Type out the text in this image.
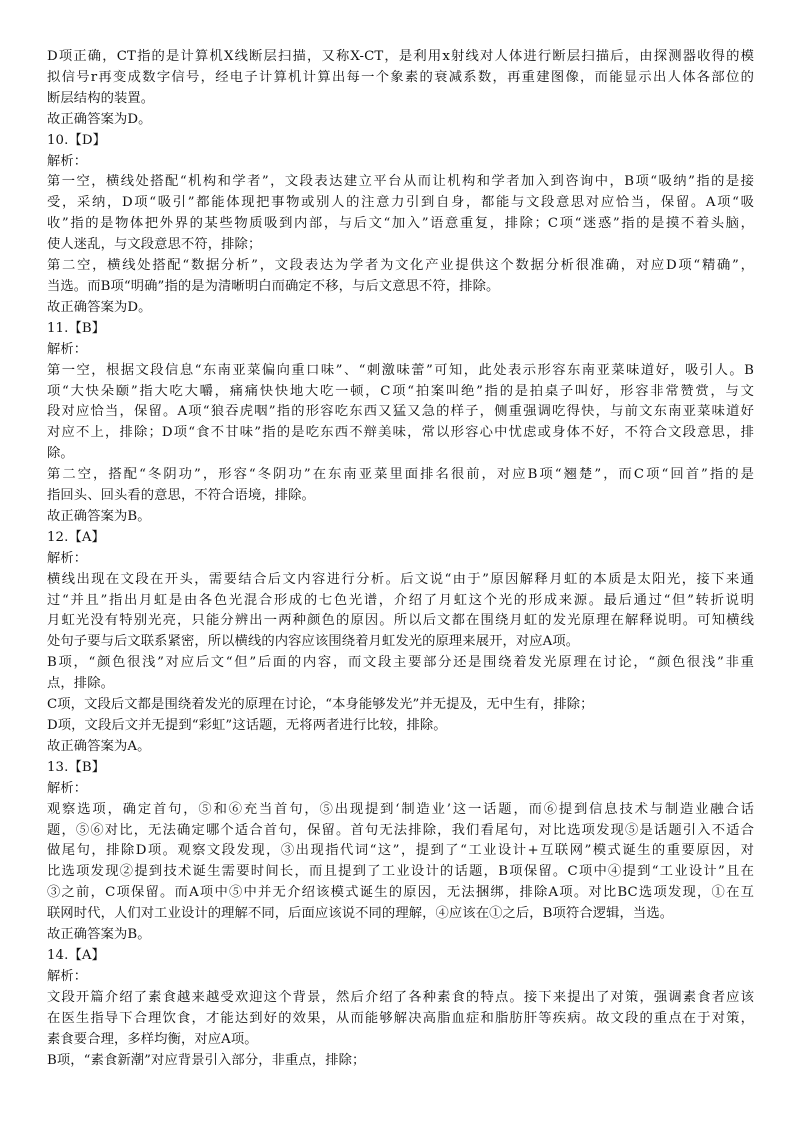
D项正确，CT指的是计算机X线断层扫描，又称X-CT，是利用x射线对人体进行断层扫描后，由探测器收得的模
拟信号r再变成数字信号，经电子计算机计算出每一个象素的衰减系数，再重建图像，而能显示出人体各部位的
断层结构的装置。
故正确答案为D。
10.【D】
解析：
第一空，横线处搭配“机构和学者”，文段表达建立平台从而让机构和学者加入到咨询中，B项“吸纳”指的是接
受，采纳，D项“吸引”都能体现把事物或别人的注意力引到自身，都能与文段意思对应恰当，保留。A项“吸
收”指的是物体把外界的某些物质吸到内部，与后文“加入”语意重复，排除；C项“迷惑”指的是摸不着头脑，
使人迷乱，与文段意思不符，排除；
第二空，横线处搭配“数据分析”，文段表达为学者为文化产业提供这个数据分析很准确，对应D项“精确”，
当选。而B项“明确”指的是为清晰明白而确定不移，与后文意思不符，排除。
故正确答案为D。
11.【B】
解析：
第一空，根据文段信息“东南亚菜偏向重口味”、“刺激味蕾”可知，此处表示形容东南亚菜味道好，吸引人。B
项“大快朵颐”指大吃大嚼，痛痛快快地大吃一顿，C项“拍案叫绝”指的是拍桌子叫好，形容非常赞赏，与文
段对应恰当，保留。A项“狼吞虎咽”指的形容吃东西又猛又急的样子，侧重强调吃得快，与前文东南亚菜味道好
对应不上，排除；D项“食不甘味”指的是吃东西不辩美味，常以形容心中忧虑或身体不好，不符合文段意思，排
除。
第二空，搭配“冬阴功”，形容“冬阴功”在东南亚菜里面排名很前，对应B项“翘楚”，而C项“回首”指的是
指回头、回头看的意思，不符合语境，排除。
故正确答案为B。
12.【A】
解析：
横线出现在文段在开头，需要结合后文内容进行分析。后文说“由于”原因解释月虹的本质是太阳光，接下来通
过“并且”指出月虹是由各色光混合形成的七色光谱，介绍了月虹这个光的形成来源。最后通过“但”转折说明
月虹光没有特别光亮，只能分辨出一两种颜色的原因。所以后文都在围绕月虹的发光原理在解释说明。可知横线
处句子要与后文联系紧密，所以横线的内容应该围绕着月虹发光的原理来展开，对应A项。
B项，“颜色很浅”对应后文“但”后面的内容，而文段主要部分还是围绕着发光原理在讨论，“颜色很浅”非重
点，排除。
C项，文段后文都是围绕着发光的原理在讨论，“本身能够发光”并无提及，无中生有，排除；
D项，文段后文并无提到“彩虹”这话题，无将两者进行比较，排除。
故正确答案为A。
13.【B】
解析：
观察选项，确定首句，⑤和⑥充当首句，⑤出现提到‘制造业’这一话题，而⑥提到信息技术与制造业融合话
题，⑤⑥对比，无法确定哪个适合首句，保留。首句无法排除，我们看尾句，对比选项发现⑤是话题引入不适合
做尾句，排除D项。观察文段发现，③出现指代词“这”，提到了“工业设计+互联网”模式诞生的重要原因，对
比选项发现②提到技术诞生需要时间长，而且提到了工业设计的话题，B项保留。C项中④提到“工业设计”且在
③之前，C项保留。而A项中⑤中并无介绍该模式诞生的原因，无法捆绑，排除A项。对比BC选项发现，①在互
联网时代，人们对工业设计的理解不同，后面应该说不同的理解，④应该在①之后，B项符合逻辑，当选。
故正确答案为B。
14.【A】
解析：
文段开篇介绍了素食越来越受欢迎这个背景，然后介绍了各种素食的特点。接下来提出了对策，强调素食者应该
在医生指导下合理饮食，才能达到好的效果，从而能够解决高脂血症和脂肪肝等疾病。故文段的重点在于对策，
素食要合理，多样均衡，对应A项。
B项，“素食新潮”对应背景引入部分，非重点，排除；
